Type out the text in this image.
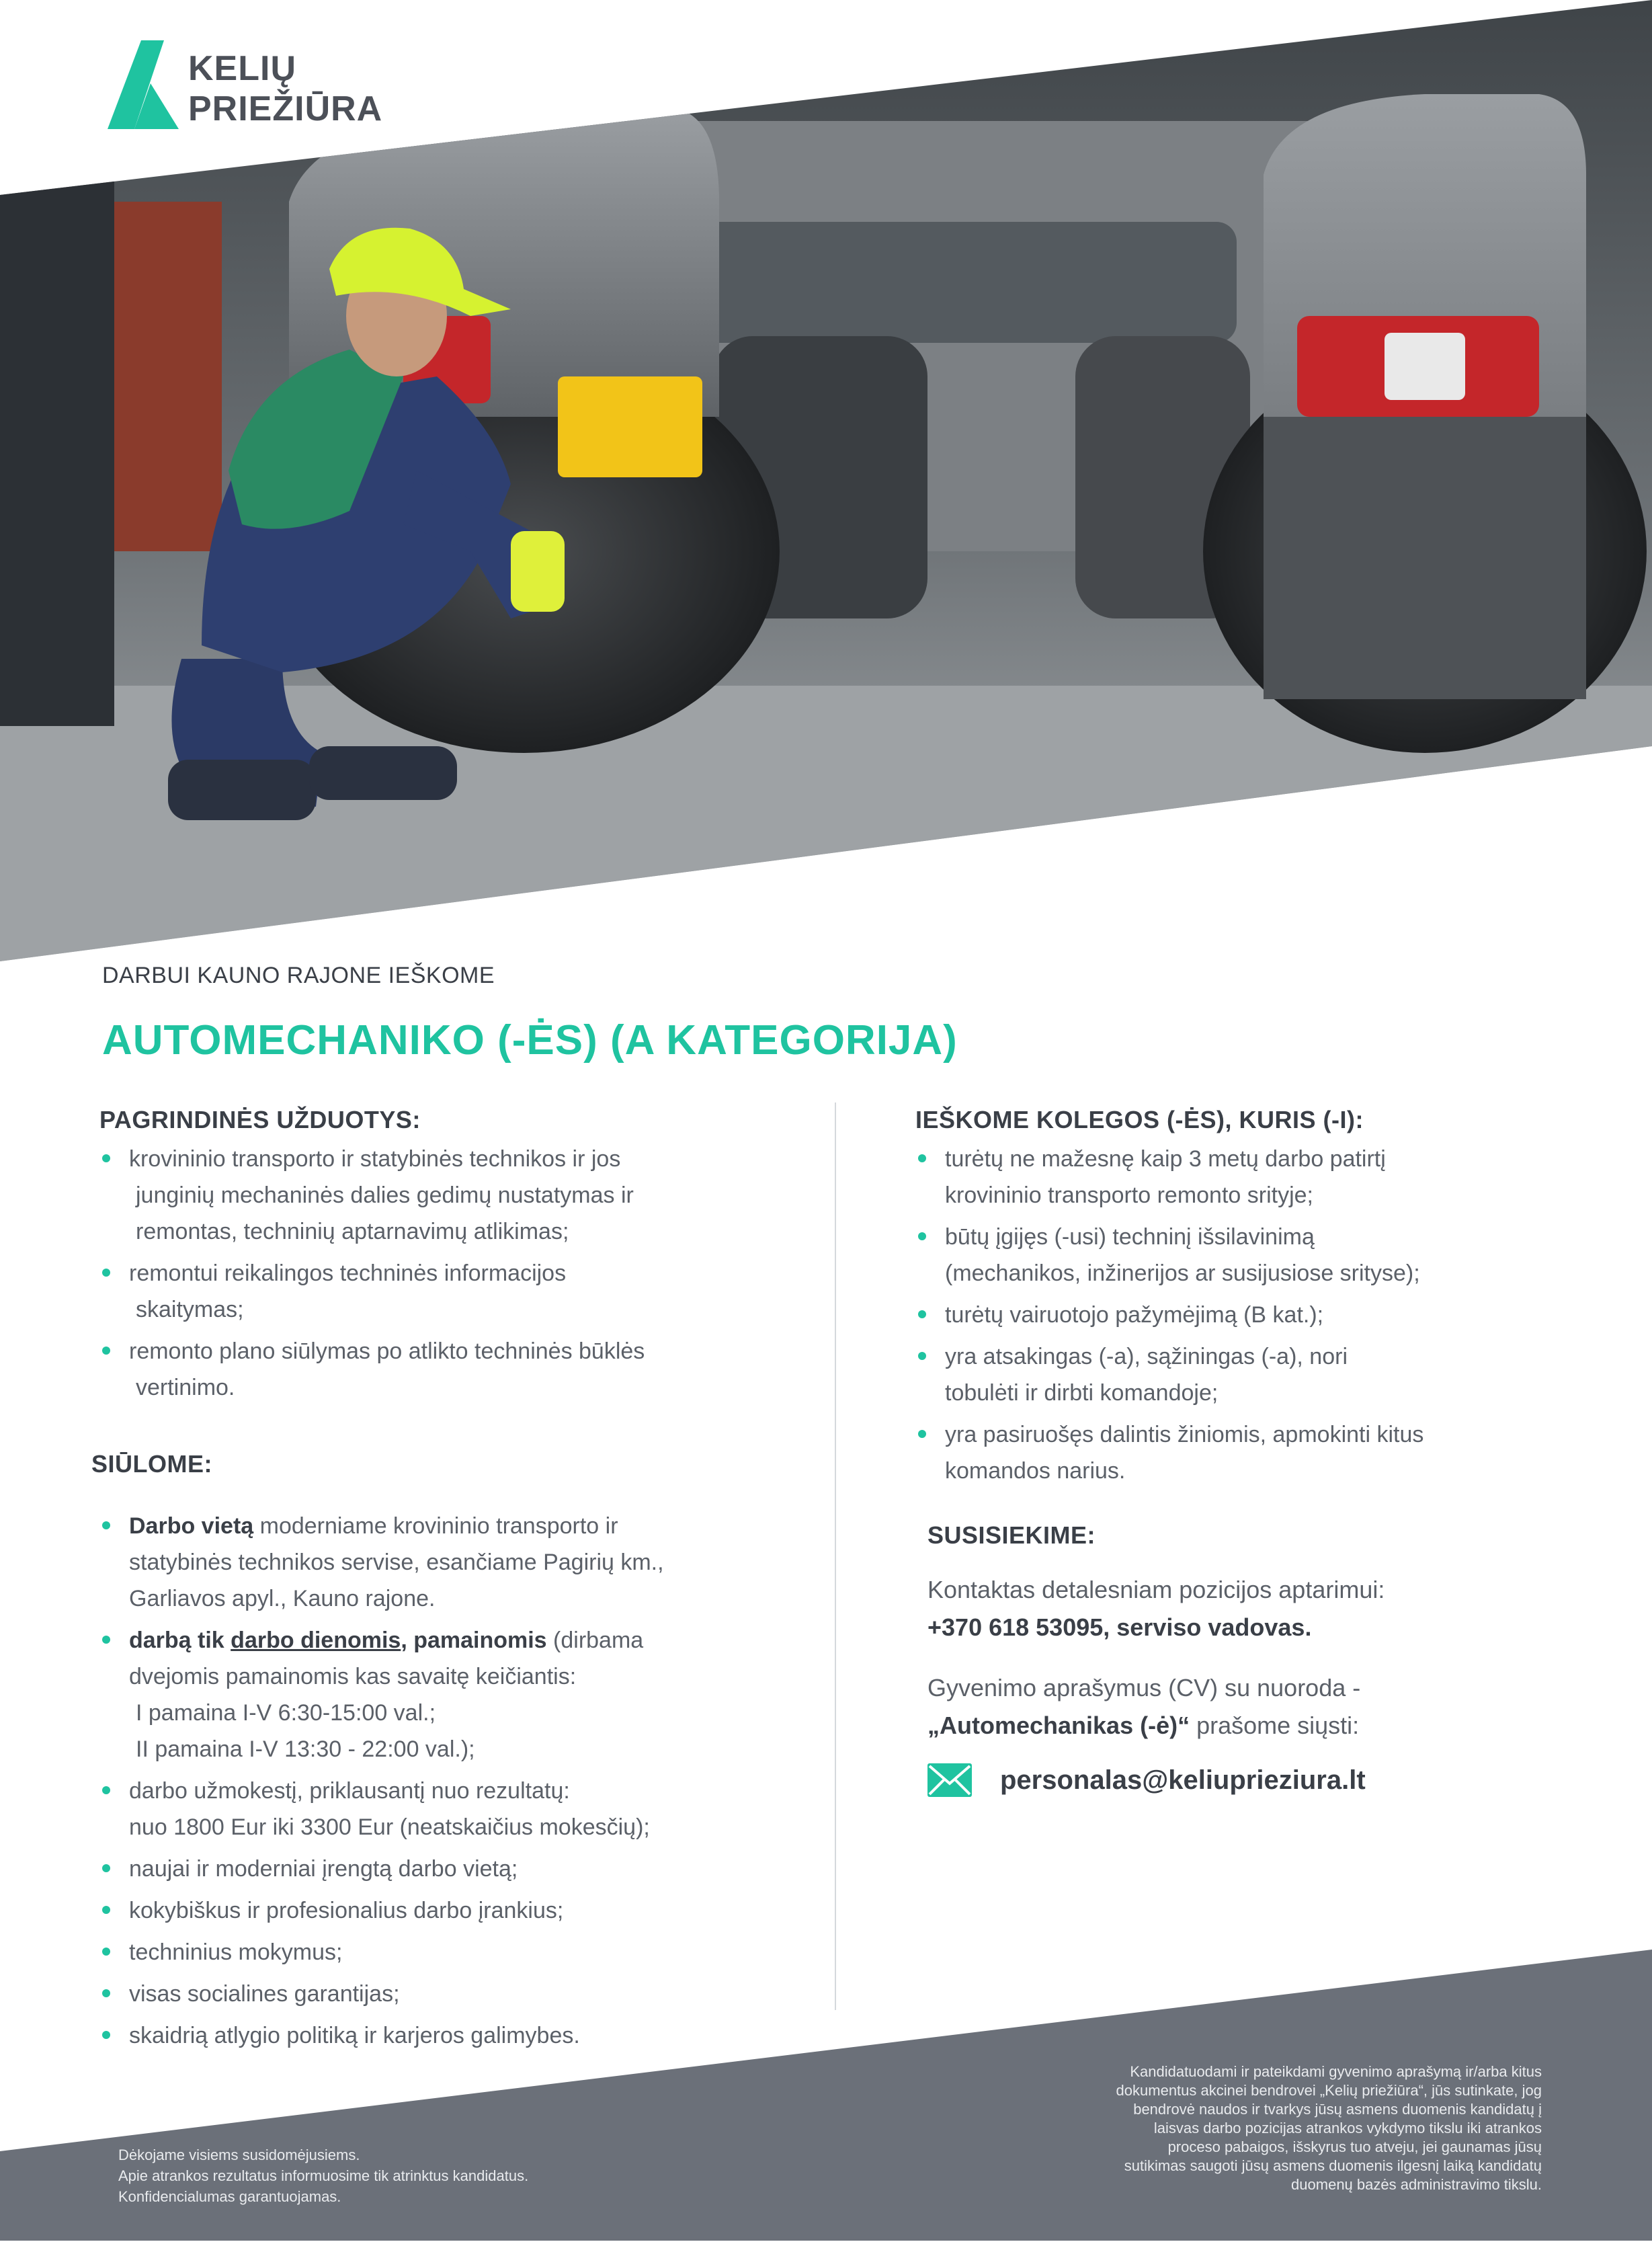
KELIŲ
PRIEŽIŪRA
DARBUI KAUNO RAJONE IEŠKOME
AUTOMECHANIKO (-ĖS) (A KATEGORIJA)
PAGRINDINĖS UŽDUOTYS:
krovininio transporto ir statybinės technikos ir jos
junginių mechaninės dalies gedimų nustatymas ir
remontas, techninių aptarnavimų atlikimas;
remontui reikalingos techninės informacijos
skaitymas;
remonto plano siūlymas po atlikto techninės būklės
vertinimo.
SIŪLOME:
Darbo vietą moderniame krovininio transporto ir
statybinės technikos servise, esančiame Pagirių km.,
Garliavos apyl., Kauno rajone.
darbą tik darbo dienomis, pamainomis (dirbama
dvejomis pamainomis kas savaitę keičiantis:
I pamaina I-V 6:30-15:00 val.;
II pamaina I-V 13:30 - 22:00 val.);
darbo užmokestį, priklausantį nuo rezultatų:
nuo 1800 Eur iki 3300 Eur (neatskaičius mokesčių);
naujai ir moderniai įrengtą darbo vietą;
kokybiškus ir profesionalius darbo įrankius;
techninius mokymus;
visas socialines garantijas;
skaidrią atlygio politiką ir karjeros galimybes.
IEŠKOME KOLEGOS (-ĖS), KURIS (-I):
turėtų ne mažesnę kaip 3 metų darbo patirtį
krovininio transporto remonto srityje;
būtų įgijęs (-usi) techninį išsilavinimą
(mechanikos, inžinerijos ar susijusiose srityse);
turėtų vairuotojo pažymėjimą (B kat.);
yra atsakingas (-a), sąžiningas (-a), nori
tobulėti ir dirbti komandoje;
yra pasiruošęs dalintis žiniomis, apmokinti kitus
komandos narius.
SUSISIEKIME:
Kontaktas detalesniam pozicijos aptarimui:
+370 618 53095, serviso vadovas.
Gyvenimo aprašymus (CV) su nuoroda -
„Automechanikas (-ė)“ prašome siųsti:
personalas@keliuprieziura.lt
Dėkojame visiems susidomėjusiems.
Apie atrankos rezultatus informuosime tik atrinktus kandidatus.
Konfidencialumas garantuojamas.
Kandidatuodami ir pateikdami gyvenimo aprašymą ir/arba kitus
dokumentus akcinei bendrovei „Kelių priežiūra“, jūs sutinkate, jog
bendrovė naudos ir tvarkys jūsų asmens duomenis kandidatų į
laisvas darbo pozicijas atrankos vykdymo tikslu iki atrankos
proceso pabaigos, išskyrus tuo atveju, jei gaunamas jūsų
sutikimas saugoti jūsų asmens duomenis ilgesnį laiką kandidatų
duomenų bazės administravimo tikslu.
